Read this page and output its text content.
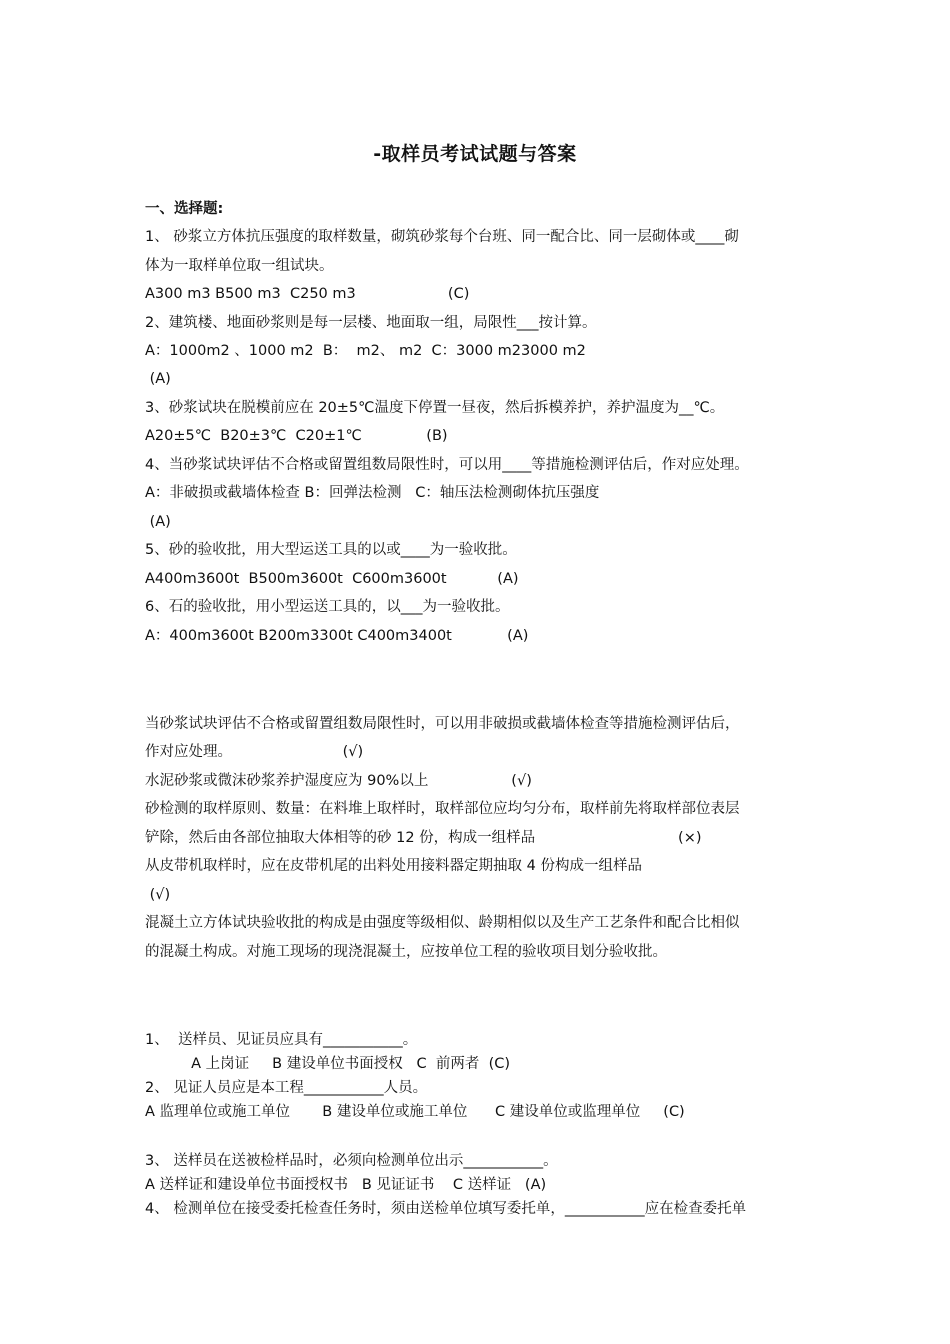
-取样员考试试题与答案
一、选择题:
1、 砂浆立方体抗压强度的取样数量，砌筑砂浆每个台班、同一配合比、同一层砌体或____砌
体为一取样单位取一组试块。
A300 m3 B500 m3  C250 m3                    (C)
2、建筑楼、地面砂浆则是每一层楼、地面取一组，局限性___按计算。
A：1000m2 、1000 m2  B：  m2、 m2  C：3000 m23000 m2
(A)
3、砂浆试块在脱模前应在 20±5℃温度下停置一昼夜，然后拆模养护，养护温度为__℃。
A20±5℃  B20±3℃  C20±1℃              (B)
4、当砂浆试块评估不合格或留置组数局限性时，可以用____等措施检测评估后，作对应处理。
A：非破损或截墙体检查 B：回弹法检测   C：轴压法检测砌体抗压强度
(A)
5、砂的验收批，用大型运送工具的以或____为一验收批。
A400m3600t  B500m3600t  C600m3600t           (A)
6、石的验收批，用小型运送工具的，以___为一验收批。
A：400m3600t B200m3300t C400m3400t            (A)
当砂浆试块评估不合格或留置组数局限性时，可以用非破损或截墙体检查等措施检测评估后，
作对应处理。                        (√)
水泥砂浆或微沫砂浆养护湿度应为 90%以上                  (√)
砂检测的取样原则、数量：在料堆上取样时，取样部位应均匀分布，取样前先将取样部位表层
铲除，然后由各部位抽取大体相等的砂 12 份，构成一组样品                               (×)
从皮带机取样时，应在皮带机尾的出料处用接料器定期抽取 4 份构成一组样品
(√)
混凝土立方体试块验收批的构成是由强度等级相似、龄期相似以及生产工艺条件和配合比相似
的混凝土构成。对施工现场的现浇混凝土，应按单位工程的验收项目划分验收批。
1、  送样员、见证员应具有___________。
A 上岗证     B 建设单位书面授权   C  前两者  (C)
2、 见证人员应是本工程___________人员。
A 监理单位或施工单位       B 建设单位或施工单位      C 建设单位或监理单位     (C)
3、 送样员在送被检样品时，必须向检测单位出示___________。
A 送样证和建设单位书面授权书   B 见证证书    C 送样证   (A)
4、 检测单位在接受委托检查任务时，须由送检单位填写委托单，___________应在检查委托单
